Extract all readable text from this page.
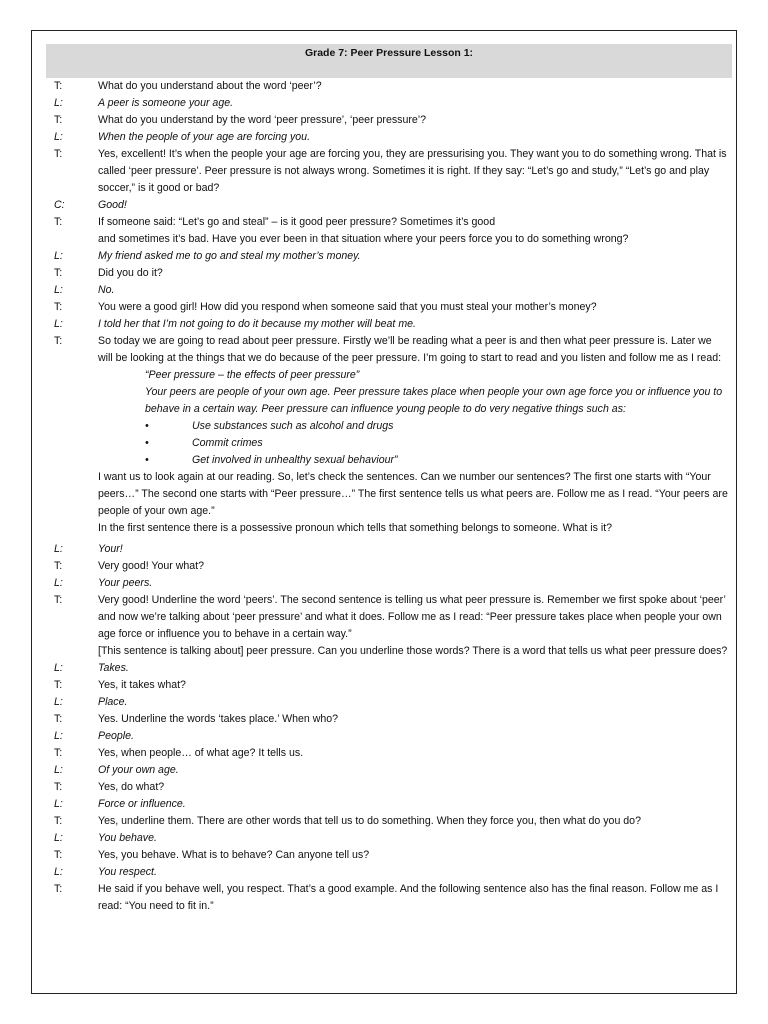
Grade 7: Peer Pressure Lesson 1:
T:	What do you understand about the word ‘peer’?
L:	A peer is someone your age.
T:	What do you understand by the word ‘peer pressure’, ‘peer pressure’?
L:	When the people of your age are forcing you.
T:	Yes, excellent! It’s when the people your age are forcing you, they are pressurising you. They want you to do something wrong. That is called ‘peer pressure’. Peer pressure is not always wrong. Sometimes it is right. If they say: “Let’s go and study,” “Let’s go and play soccer,” is it good or bad?
C:	Good!
T:	If someone said: “Let’s go and steal” – is it good peer pressure? Sometimes it’s good
and sometimes it’s bad. Have you ever been in that situation where your peers force you to do something wrong?
L:	My friend asked me to go and steal my mother’s money.
T:	Did you do it?
L:	No.
T:	You were a good girl! How did you respond when someone said that you must steal your mother’s money?
L:	I told her that I’m not going to do it because my mother will beat me.
T:	So today we are going to read about peer pressure. Firstly we’ll be reading what a peer is and then what peer pressure is. Later we will be looking at the things that we do because of the peer pressure. I’m going to start to read and you listen and follow me as I read:
“Peer pressure – the effects of peer pressure”
Your peers are people of your own age. Peer pressure takes place when people your own age force you or influence you to behave in a certain way. Peer pressure can influence young people to do very negative things such as:
•	Use substances such as alcohol and drugs
•	Commit crimes
•	Get involved in unhealthy sexual behaviour”
I want us to look again at our reading. So, let’s check the sentences. Can we number our sentences? The first one starts with “Your peers…” The second one starts with “Peer pressure…” The first sentence tells us what peers are. Follow me as I read. “Your peers are people of your own age.”
In the first sentence there is a possessive pronoun which tells that something belongs to someone. What is it?
L:	Your!
T:	Very good! Your what?
L:	Your peers.
T:	Very good! Underline the word ‘peers’. The second sentence is telling us what peer pressure is. Remember we first spoke about ‘peer’ and now we’re talking about ‘peer pressure’ and what it does. Follow me as I read: “Peer pressure takes place when people your own age force or influence you to behave in a certain way.”
[This sentence is talking about] peer pressure. Can you underline those words? There is a word that tells us what peer pressure does?
L:	Takes.
T:	Yes, it takes what?
L:	Place.
T:	Yes. Underline the words ‘takes place.’ When who?
L:	People.
T:	Yes, when people… of what age? It tells us.
L:	Of your own age.
T:	Yes, do what?
L:	Force or influence.
T:	Yes, underline them. There are other words that tell us to do something. When they force you, then what do you do?
L:	You behave.
T:	Yes, you behave. What is to behave? Can anyone tell us?
L:	You respect.
T:	He said if you behave well, you respect. That’s a good example. And the following sentence also has the final reason. Follow me as I read: “You need to fit in.”
